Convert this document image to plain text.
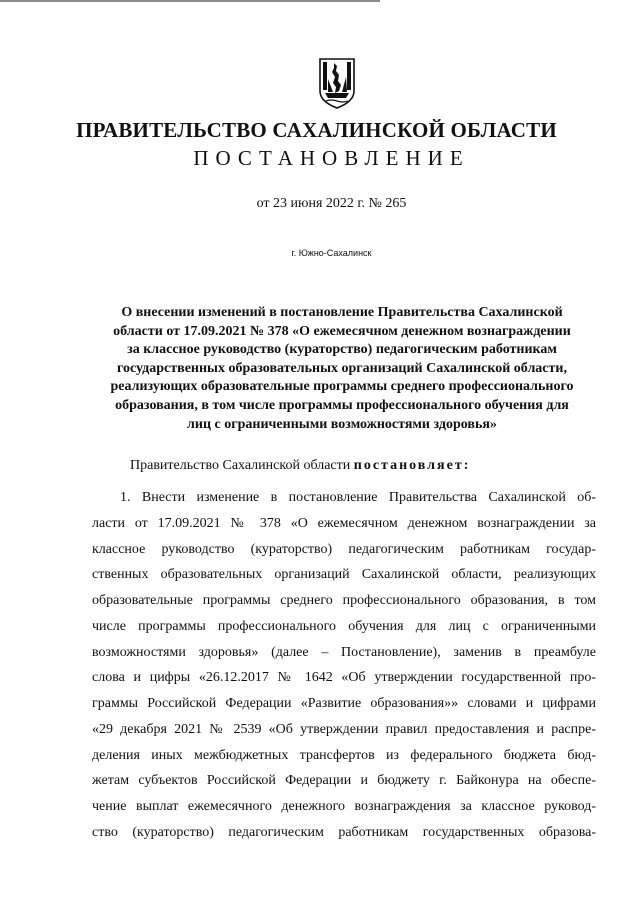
ПРАВИТЕЛЬСТВО САХАЛИНСКОЙ ОБЛАСТИ
ПОСТАНОВЛЕНИЕ
от 23 июня 2022 г. № 265
г. Южно-Сахалинск
О внесении изменений в постановление Правительства Сахалинской
области от 17.09.2021 № 378 «О ежемесячном денежном вознаграждении
за классное руководство (кураторство) педагогическим работникам
государственных образовательных организаций Сахалинской области,
реализующих образовательные программы среднего профессионального
образования, в том числе программы профессионального обучения для
лиц с ограниченными возможностями здоровья»
Правительство Сахалинской области постановляет:
1. Внести изменение в постановление Правительства Сахалинской об-
ласти от 17.09.2021 № 378 «О ежемесячном денежном вознаграждении за
классное руководство (кураторство) педагогическим работникам государ-
ственных образовательных организаций Сахалинской области, реализующих
образовательные программы среднего профессионального образования, в том
числе программы профессионального обучения для лиц с ограниченными
возможностями здоровья» (далее – Постановление), заменив в преамбуле
слова и цифры «26.12.2017 № 1642 «Об утверждении государственной про-
граммы Российской Федерации «Развитие образования»» словами и цифрами
«29 декабря 2021 № 2539 «Об утверждении правил предоставления и распре-
деления иных межбюджетных трансфертов из федерального бюджета бюд-
жетам субъектов Российской Федерации и бюджету г. Байконура на обеспе-
чение выплат ежемесячного денежного вознаграждения за классное руковод-
ство (кураторство) педагогическим работникам государственных образова-
